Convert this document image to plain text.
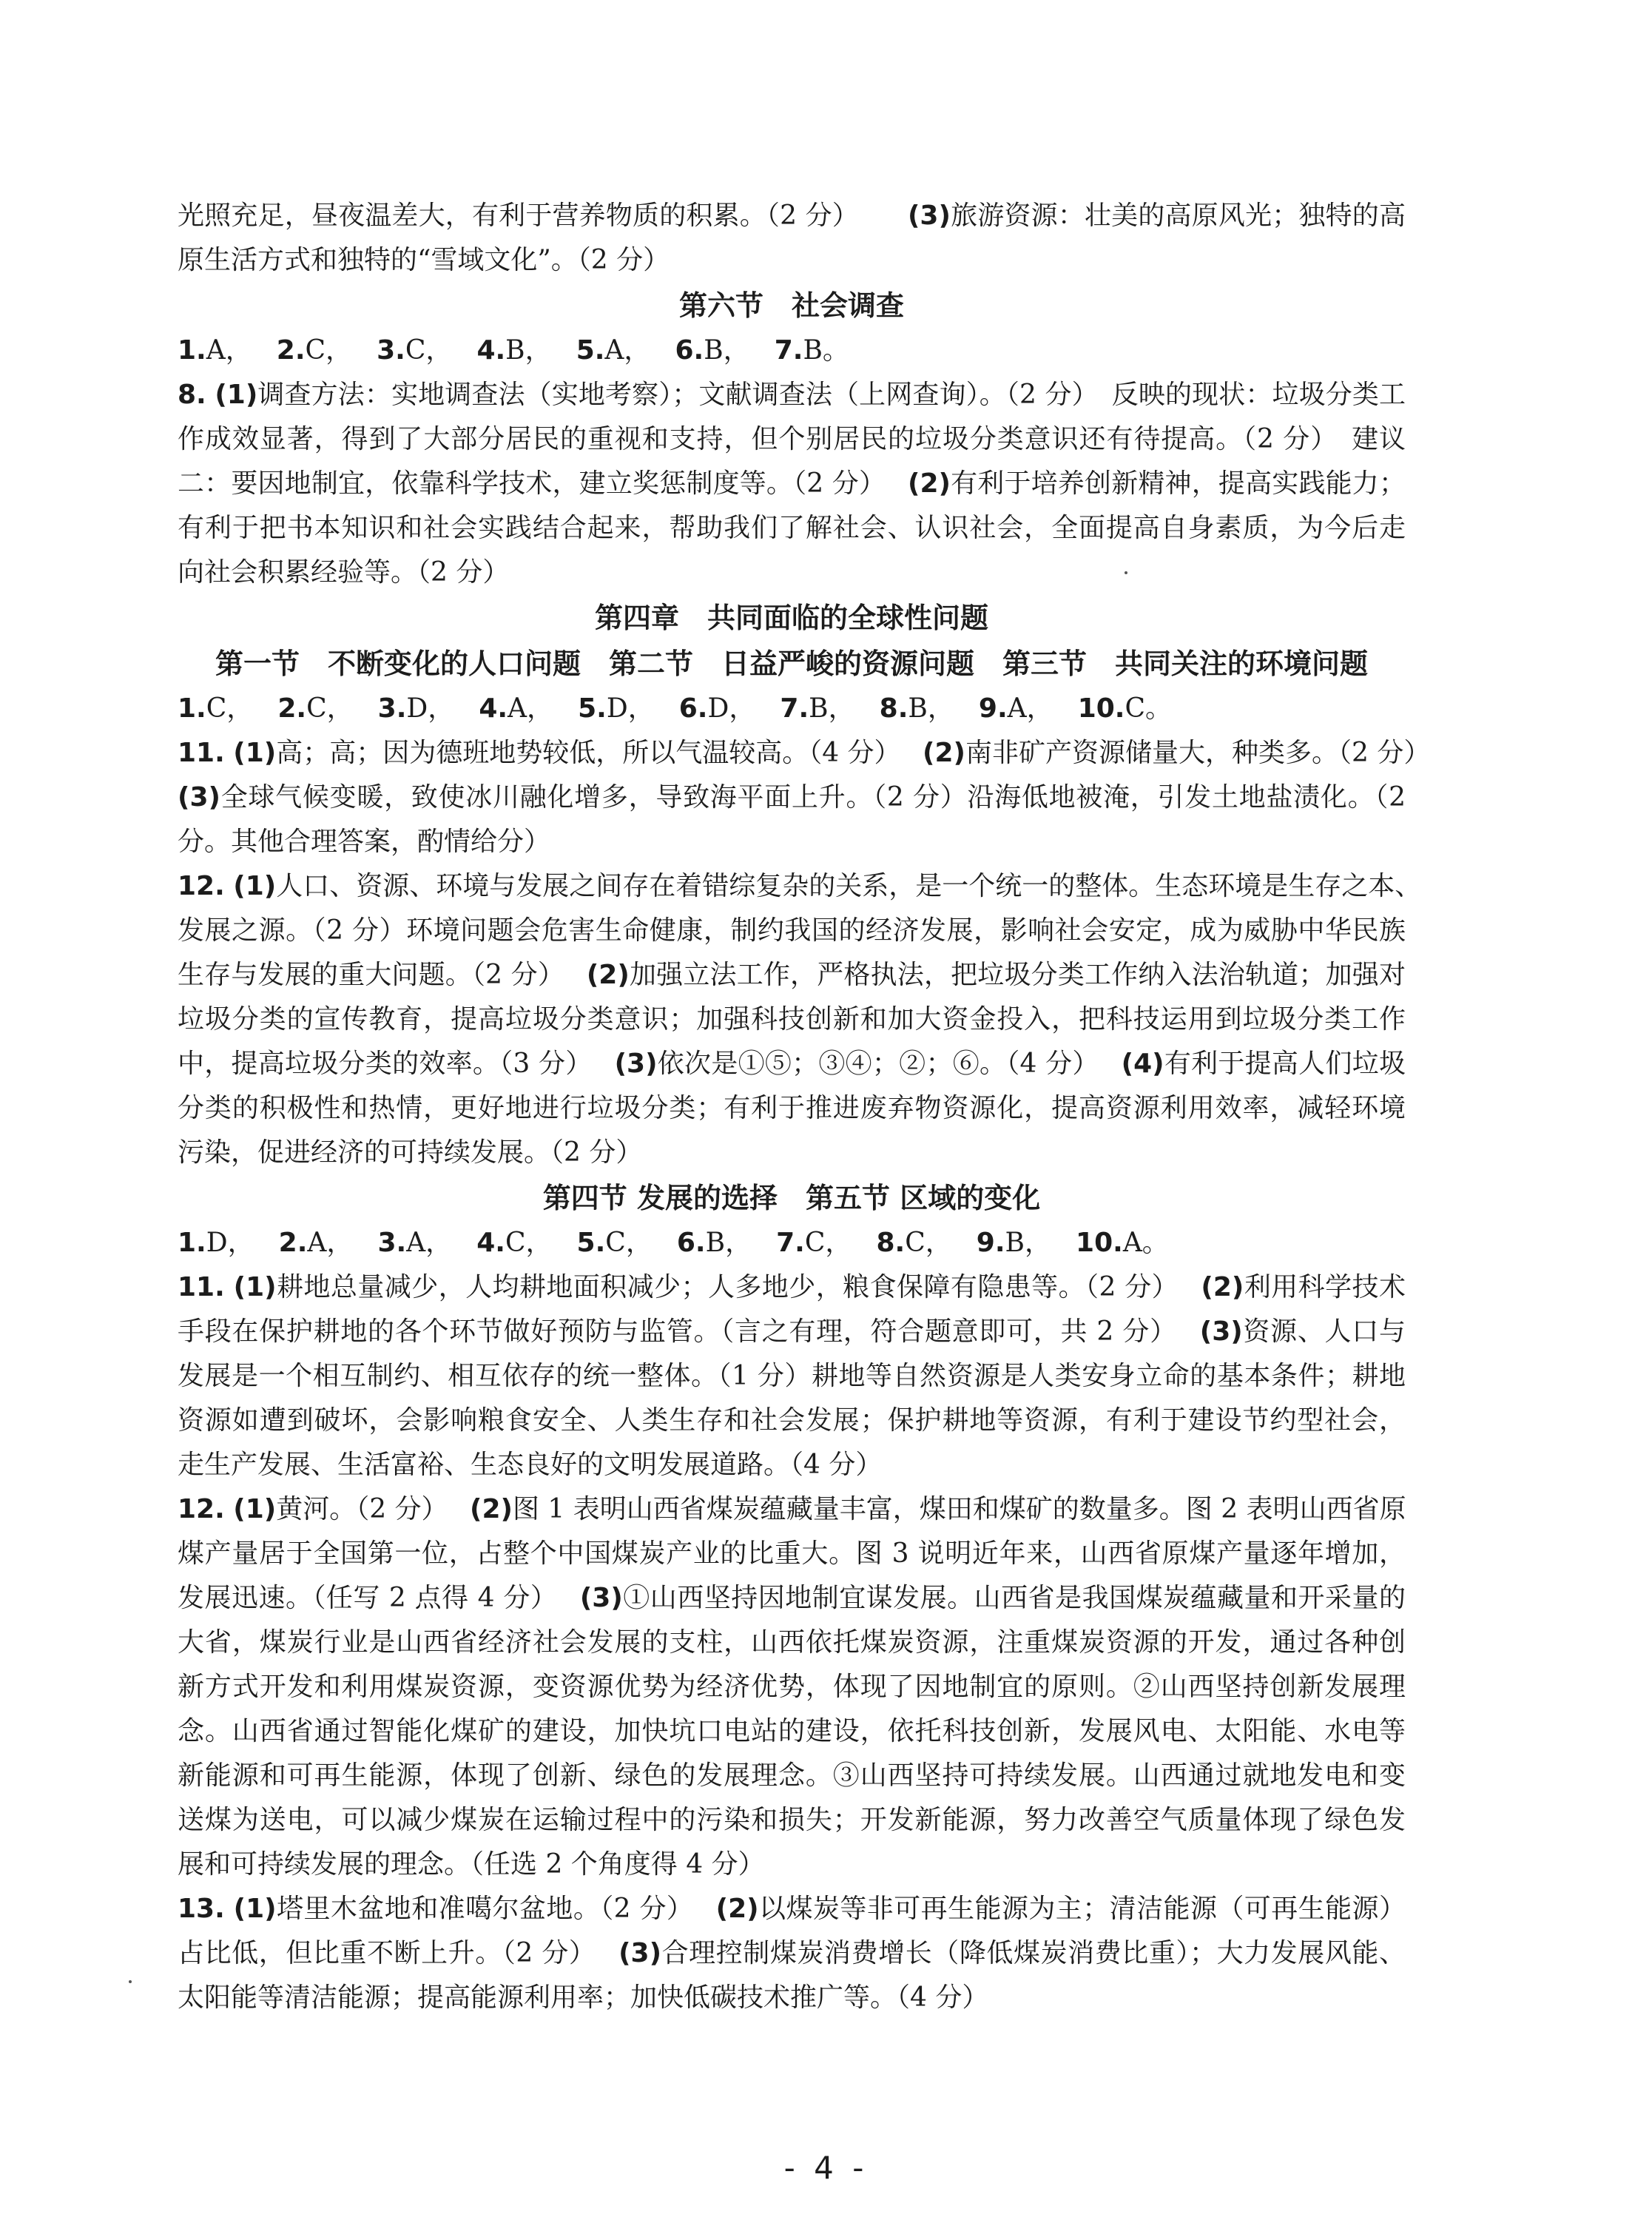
光照充足，昼夜温差大，有利于营养物质的积累。（2 分）　　 (3)旅游资源：壮美的高原风光；独特的高

原生活方式和独特的“雪域文化”。（2 分）

第六节　社会调查

1.A， 2.C， 3.C， 4.B， 5.A， 6.B， 7.B。

8. (1)调查方法：实地调查法（实地考察）；文献调查法（上网查询）。（2 分）　反映的现状：垃圾分类工

作成效显著，得到了大部分居民的重视和支持，但个别居民的垃圾分类意识还有待提高。（2 分）　建议

二：要因地制宜，依靠科学技术，建立奖惩制度等。（2 分）　 (2)有利于培养创新精神，提高实践能力；

有利于把书本知识和社会实践结合起来，帮助我们了解社会、认识社会，全面提高自身素质，为今后走

向社会积累经验等。（2 分）

第四章　共同面临的全球性问题
第一节　不断变化的人口问题　第二节　日益严峻的资源问题　第三节　共同关注的环境问题

1.C， 2.C， 3.D， 4.A， 5.D， 6.D， 7.B， 8.B， 9.A， 10.C。

11. (1)高；高；因为德班地势较低，所以气温较高。（4 分）　 (2)南非矿产资源储量大，种类多。（2 分）

(3)全球气候变暖，致使冰川融化增多，导致海平面上升。（2 分）沿海低地被淹，引发土地盐渍化。（2

分。其他合理答案，酌情给分）

12. (1)人口、资源、环境与发展之间存在着错综复杂的关系，是一个统一的整体。生态环境是生存之本、

发展之源。（2 分）环境问题会危害生命健康，制约我国的经济发展，影响社会安定，成为威胁中华民族

生存与发展的重大问题。（2 分）　 (2)加强立法工作，严格执法，把垃圾分类工作纳入法治轨道；加强对

垃圾分类的宣传教育，提高垃圾分类意识；加强科技创新和加大资金投入，把科技运用到垃圾分类工作

中，提高垃圾分类的效率。（3 分）　 (3)依次是①⑤；③④；②；⑥。（4 分）　 (4)有利于提高人们垃圾

分类的积极性和热情，更好地进行垃圾分类；有利于推进废弃物资源化，提高资源利用效率，减轻环境

污染，促进经济的可持续发展。（2 分）

第四节 发展的选择　第五节 区域的变化

1.D， 2.A， 3.A， 4.C， 5.C， 6.B， 7.C， 8.C， 9.B， 10.A。

11. (1)耕地总量减少，人均耕地面积减少；人多地少，粮食保障有隐患等。（2 分）　 (2)利用科学技术

手段在保护耕地的各个环节做好预防与监管。（言之有理，符合题意即可，共 2 分）　 (3)资源、人口与

发展是一个相互制约、相互依存的统一整体。（1 分）耕地等自然资源是人类安身立命的基本条件；耕地

资源如遭到破坏，会影响粮食安全、人类生存和社会发展；保护耕地等资源，有利于建设节约型社会，

走生产发展、生活富裕、生态良好的文明发展道路。（4 分）

12. (1)黄河。（2 分）　 (2)图 1 表明山西省煤炭蕴藏量丰富，煤田和煤矿的数量多。图 2 表明山西省原

煤产量居于全国第一位，占整个中国煤炭产业的比重大。图 3 说明近年来，山西省原煤产量逐年增加，

发展迅速。（任写 2 点得 4 分）　 (3)①山西坚持因地制宜谋发展。山西省是我国煤炭蕴藏量和开采量的

大省，煤炭行业是山西省经济社会发展的支柱，山西依托煤炭资源，注重煤炭资源的开发，通过各种创

新方式开发和利用煤炭资源，变资源优势为经济优势，体现了因地制宜的原则。②山西坚持创新发展理

念。山西省通过智能化煤矿的建设，加快坑口电站的建设，依托科技创新，发展风电、太阳能、水电等

新能源和可再生能源，体现了创新、绿色的发展理念。③山西坚持可持续发展。山西通过就地发电和变

送煤为送电，可以减少煤炭在运输过程中的污染和损失；开发新能源，努力改善空气质量体现了绿色发

展和可持续发展的理念。（任选 2 个角度得 4 分）

13. (1)塔里木盆地和准噶尔盆地。（2 分）　 (2)以煤炭等非可再生能源为主；清洁能源（可再生能源）

占比低，但比重不断上升。（2 分）　 (3)合理控制煤炭消费增长（降低煤炭消费比重）；大力发展风能、

太阳能等清洁能源；提高能源利用率；加快低碳技术推广等。（4 分）

- 4 -
